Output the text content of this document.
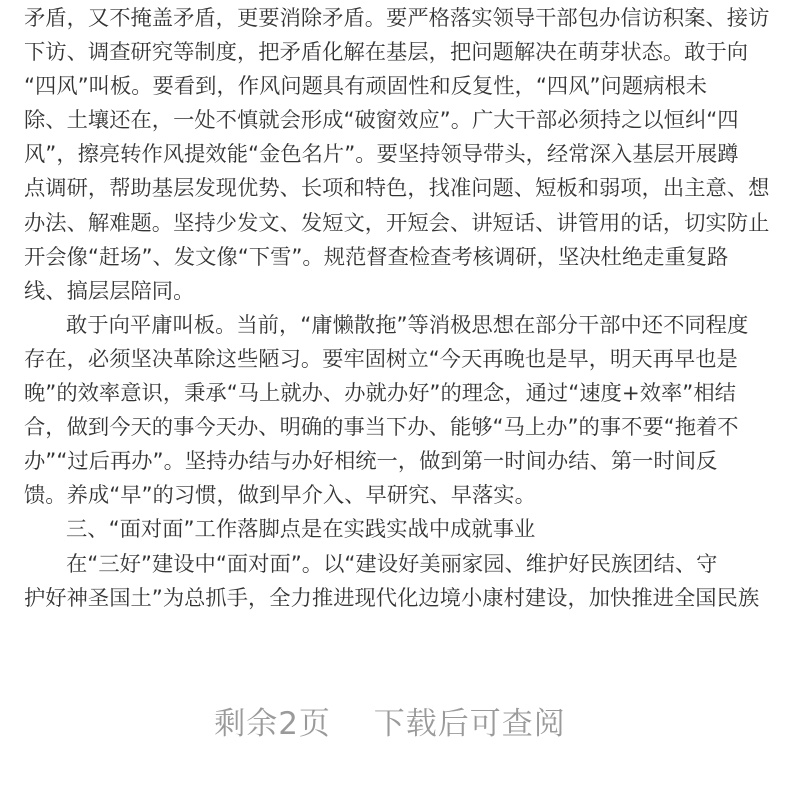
矛盾，又不掩盖矛盾，更要消除矛盾。要严格落实领导干部包办信访积案、接访
下访、调查研究等制度，把矛盾化解在基层，把问题解决在萌芽状态。敢于向
“四风”叫板。要看到，作风问题具有顽固性和反复性，“四风”问题病根未
除、土壤还在，一处不慎就会形成“破窗效应”。广大干部必须持之以恒纠“四
风”，擦亮转作风提效能“金色名片”。要坚持领导带头，经常深入基层开展蹲
点调研，帮助基层发现优势、长项和特色，找准问题、短板和弱项，出主意、想
办法、解难题。坚持少发文、发短文，开短会、讲短话、讲管用的话，切实防止
开会像“赶场”、发文像“下雪”。规范督查检查考核调研，坚决杜绝走重复路
线、搞层层陪同。
敢于向平庸叫板。当前，“庸懒散拖”等消极思想在部分干部中还不同程度
存在，必须坚决革除这些陋习。要牢固树立“今天再晚也是早，明天再早也是
晚”的效率意识，秉承“马上就办、办就办好”的理念，通过“速度+效率”相结
合，做到今天的事今天办、明确的事当下办、能够“马上办”的事不要“拖着不
办”“过后再办”。坚持办结与办好相统一，做到第一时间办结、第一时间反
馈。养成“早”的习惯，做到早介入、早研究、早落实。
三、“面对面”工作落脚点是在实践实战中成就事业
在“三好”建设中“面对面”。以“建设好美丽家园、维护好民族团结、守
护好神圣国土”为总抓手，全力推进现代化边境小康村建设，加快推进全国民族
剩余2页 下载后可查阅
